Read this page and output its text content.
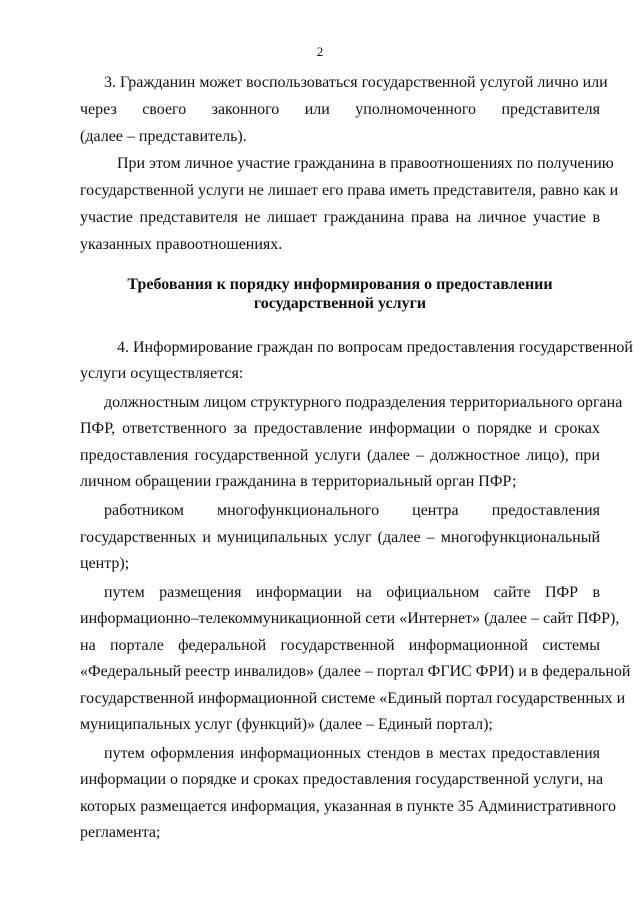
2
3. Гражданин может воспользоваться государственной услугой лично или
через своего законного или уполномоченного представителя
(далее – представитель).
При этом личное участие гражданина в правоотношениях по получению
государственной услуги не лишает его права иметь представителя, равно как и
участие представителя не лишает гражданина права на личное участие в
указанных правоотношениях.
Требования к порядку информирования о предоставлении
государственной услуги
4. Информирование граждан по вопросам предоставления государственной
услуги осуществляется:
должностным лицом структурного подразделения территориального органа
ПФР, ответственного за предоставление информации о порядке и сроках
предоставления государственной услуги (далее – должностное лицо), при
личном обращении гражданина в территориальный орган ПФР;
работником многофункционального центра предоставления
государственных и муниципальных услуг (далее – многофункциональный
центр);
путем размещения информации на официальном сайте ПФР в
информационно–телекоммуникационной сети «Интернет» (далее – сайт ПФР),
на портале федеральной государственной информационной системы
«Федеральный реестр инвалидов» (далее – портал ФГИС ФРИ) и в федеральной
государственной информационной системе «Единый портал государственных и
муниципальных услуг (функций)» (далее – Единый портал);
путем оформления информационных стендов в местах предоставления
информации о порядке и сроках предоставления государственной услуги, на
которых размещается информация, указанная в пункте 35 Административного
регламента;
